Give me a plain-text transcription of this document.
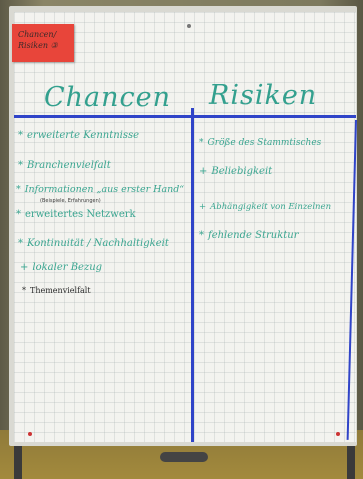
Chancen/
Risiken ③
Chancen Risiken
* erweiterte Kenntnisse
* Branchenvielfalt
* Informationen „aus erster Hand“
(Beispiele, Erfahrungen)
* erweitertes Netzwerk
* Kontinuität / Nachhaltigkeit
+ lokaler Bezug
* Themenvielfalt
* Größe des Stammtisches
+ Beliebigkeit
+ Abhängigkeit von Einzelnen
* fehlende Struktur
